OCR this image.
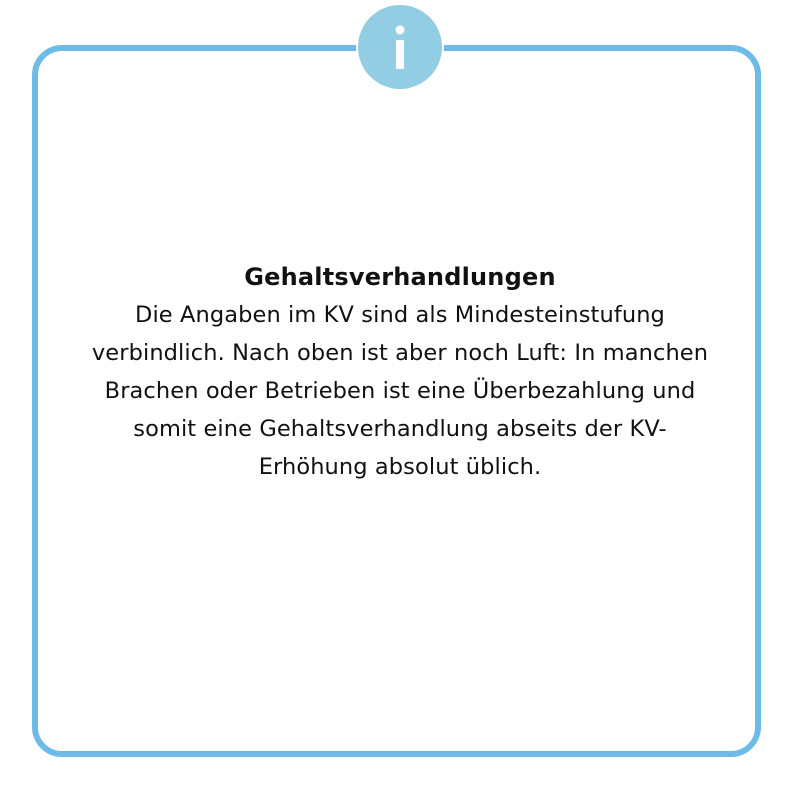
Gehaltsverhandlungen

Die Angaben im KV sind als Mindesteinstufung
verbindlich. Nach oben ist aber noch Luft: In manchen
Brachen oder Betrieben ist eine Überbezahlung und
somit eine Gehaltsverhandlung abseits der KV-
Erhöhung absolut üblich.
